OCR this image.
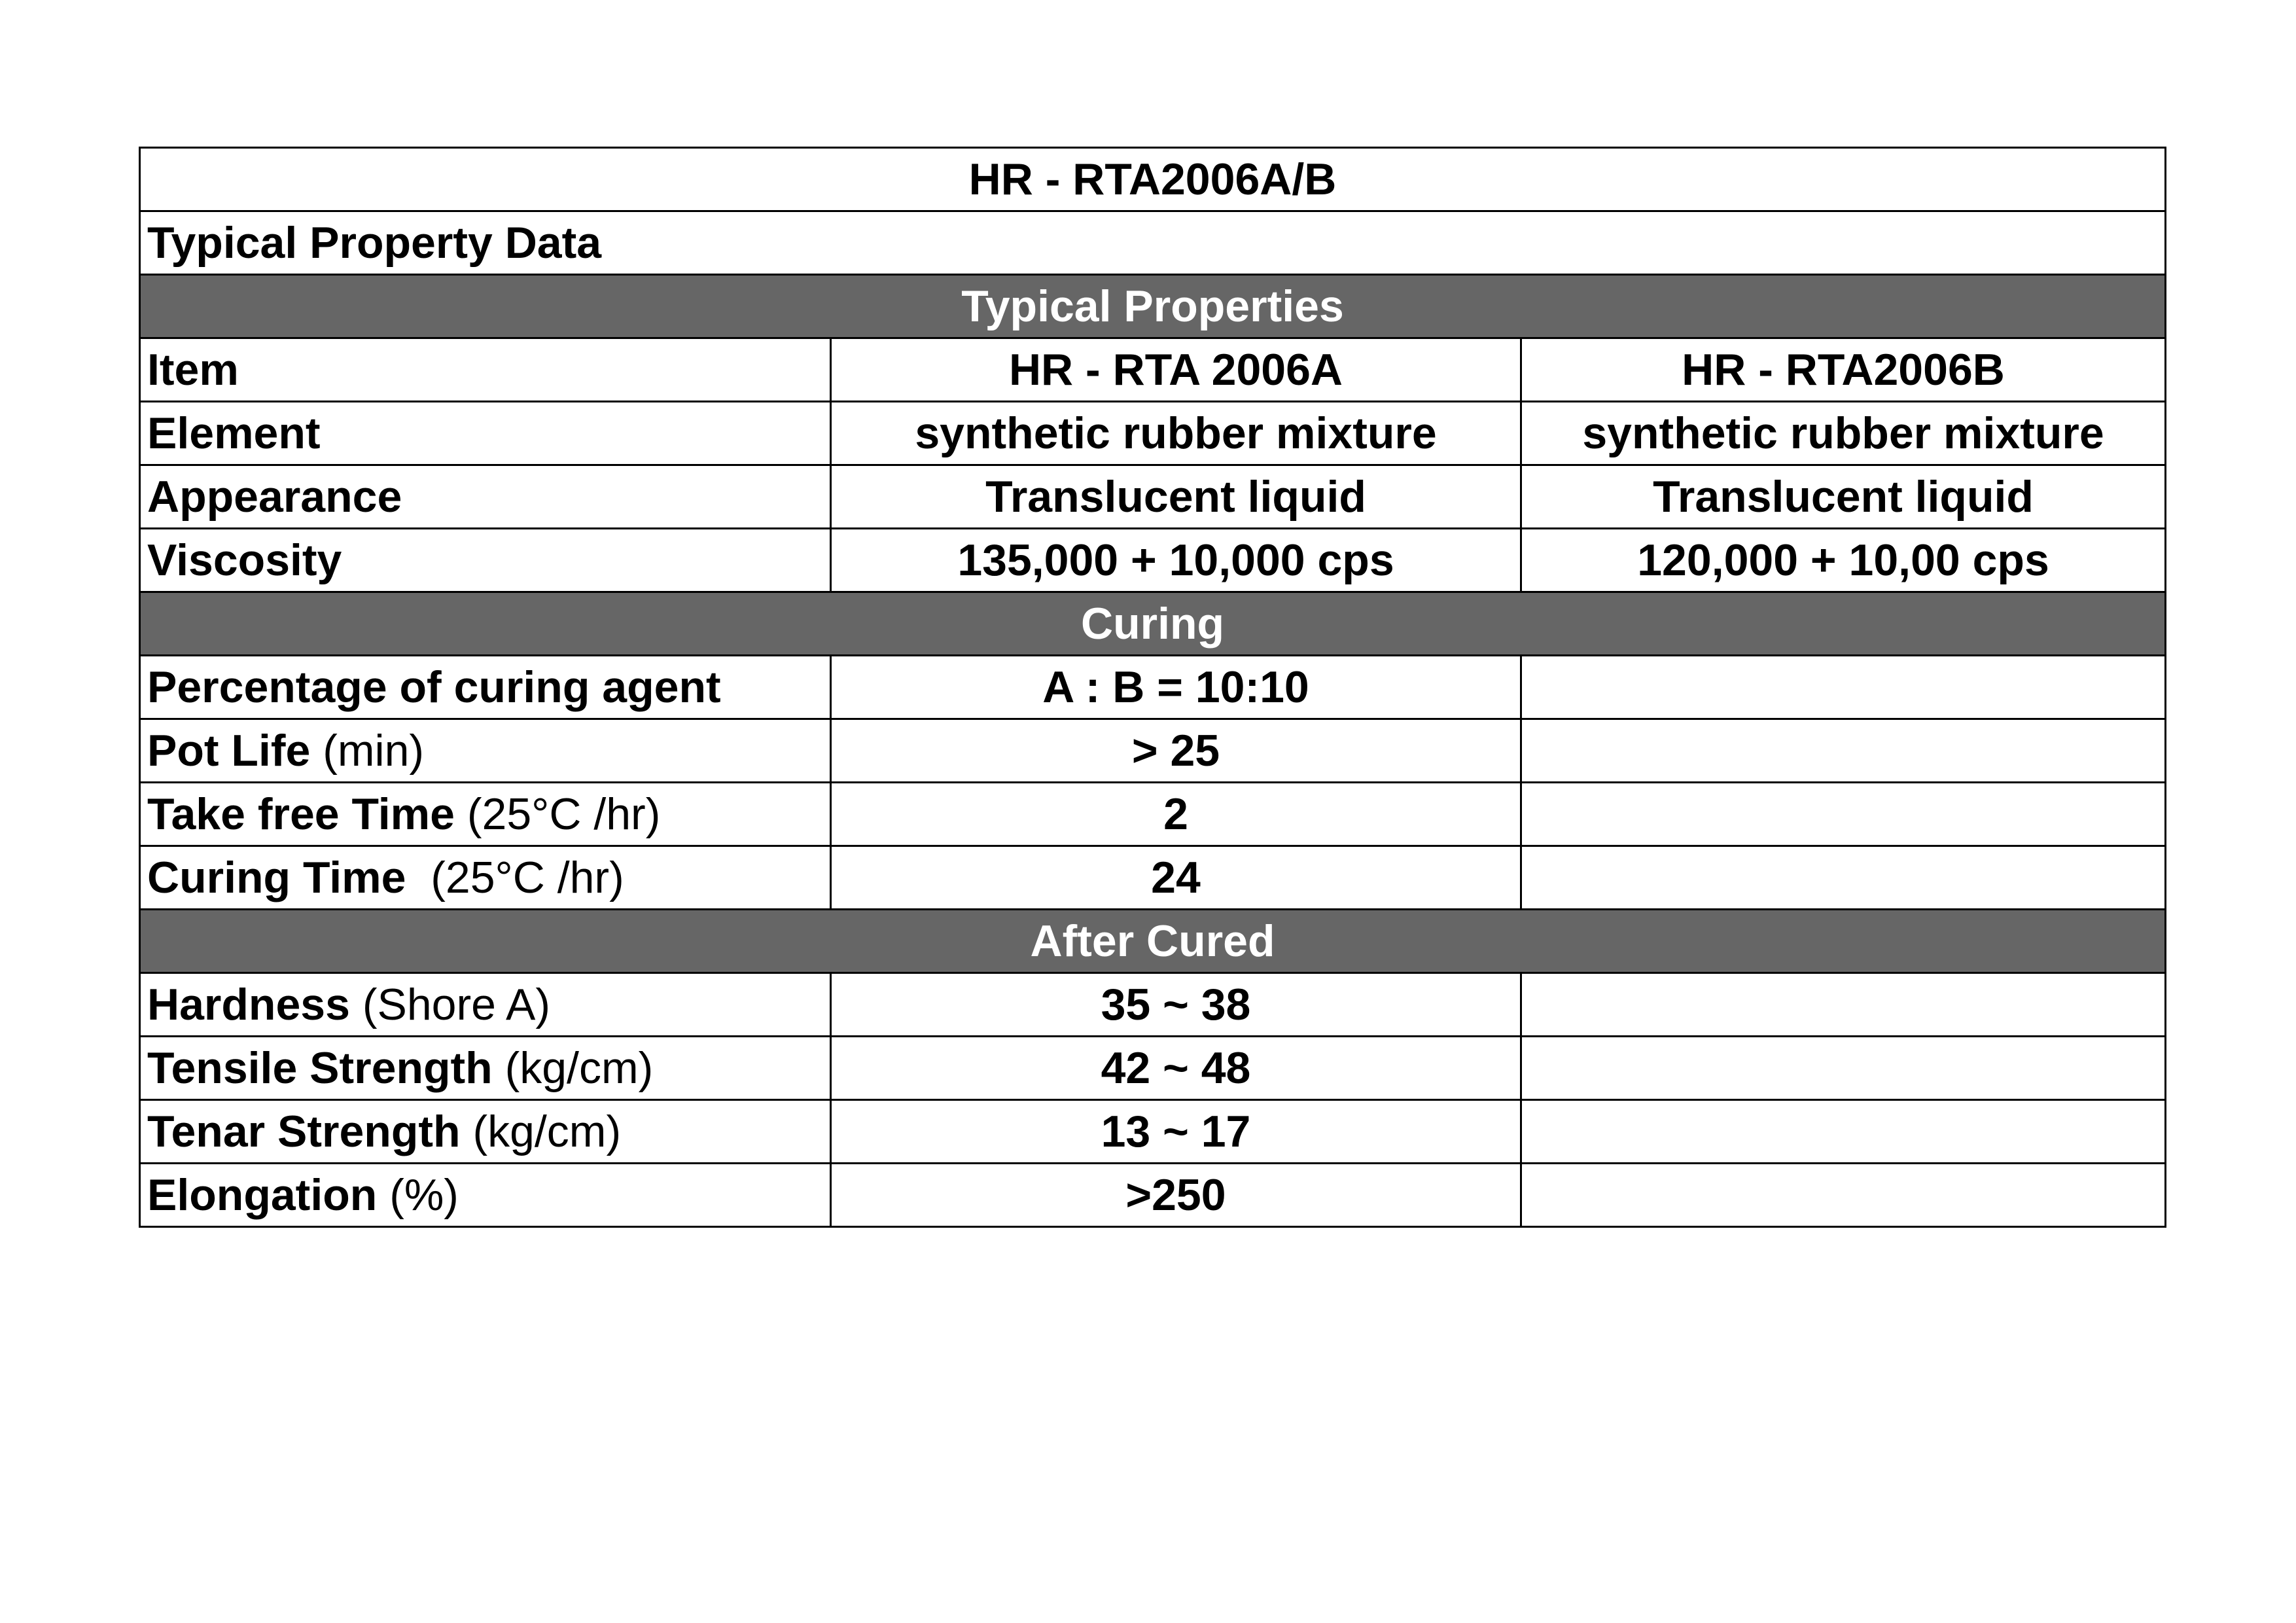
HR - RTA2006A/B		
Typical Property Data		
Typical Properties		
Item	HR - RTA 2006A	HR - RTA2006B
Element	synthetic rubber mixture	synthetic rubber mixture
Appearance	Translucent liquid	Translucent liquid
Viscosity	135,000 + 10,000 cps	120,000 + 10,00 cps
Curing		
Percentage of curing agent	A : B = 10:10	
Pot Life (min)	> 25	
Take free Time (25°C /hr)	2	
Curing Time  (25°C /hr)	24	
After Cured		
Hardness (Shore A)	35 ~ 38	
Tensile Strength (kg/cm)	42 ~ 48	
Tenar Strength (kg/cm)	13 ~ 17	
Elongation (%)	>250	
